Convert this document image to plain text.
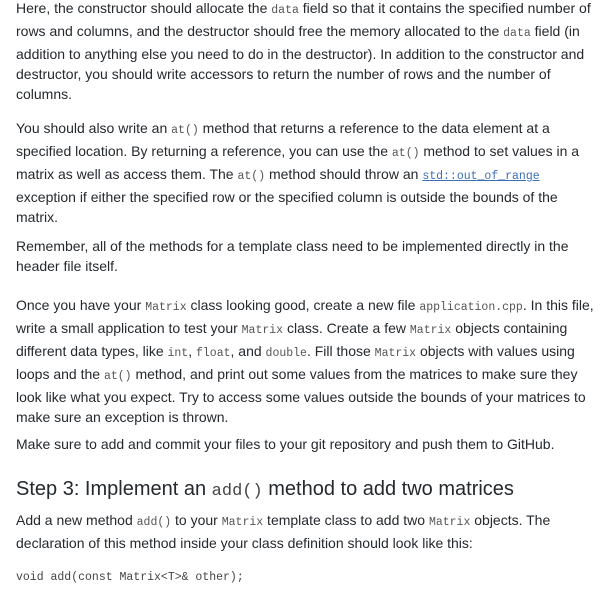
Here, the constructor should allocate the data field so that it contains the specified number of rows and columns, and the destructor should free the memory allocated to the data field (in addition to anything else you need to do in the destructor). In addition to the constructor and destructor, you should write accessors to return the number of rows and the number of columns.

You should also write an at() method that returns a reference to the data element at a specified location. By returning a reference, you can use the at() method to set values in a matrix as well as access them. The at() method should throw an std::out_of_range exception if either the specified row or the specified column is outside the bounds of the matrix.

Remember, all of the methods for a template class need to be implemented directly in the header file itself.

Once you have your Matrix class looking good, create a new file application.cpp. In this file, write a small application to test your Matrix class. Create a few Matrix objects containing different data types, like int, float, and double. Fill those Matrix objects with values using loops and the at() method, and print out some values from the matrices to make sure they look like what you expect. Try to access some values outside the bounds of your matrices to make sure an exception is thrown.

Make sure to add and commit your files to your git repository and push them to GitHub.

Step 3: Implement an add() method to add two matrices

Add a new method add() to your Matrix template class to add two Matrix objects. The declaration of this method inside your class definition should look like this:

void add(const Matrix<T>& other);
